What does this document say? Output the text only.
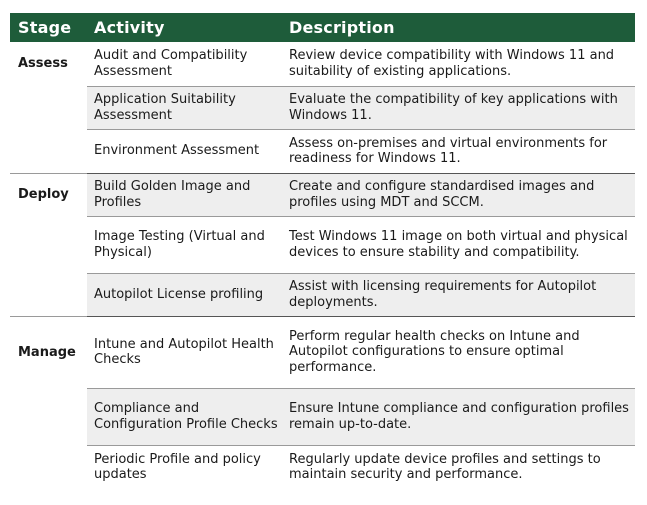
Stage	Activity	Description
Assess	Audit and Compatibility Assessment	Review device compatibility with Windows 11 and suitability of existing applications.
	Application Suitability Assessment	Evaluate the compatibility of key applications with Windows 11.
	Environment Assessment	Assess on-premises and virtual environments for readiness for Windows 11.
Deploy	Build Golden Image and Profiles	Create and configure standardised images and profiles using MDT and SCCM.
	Image Testing (Virtual and Physical)	Test Windows 11 image on both virtual and physical devices to ensure stability and compatibility.
	Autopilot License profiling	Assist with licensing requirements for Autopilot deployments.
Manage	Intune and Autopilot Health Checks	Perform regular health checks on Intune and Autopilot configurations to ensure optimal performance.
	Compliance and Configuration Profile Checks	Ensure Intune compliance and configuration profiles remain up-to-date.
	Periodic Profile and policy updates	Regularly update device profiles and settings to maintain security and performance.
